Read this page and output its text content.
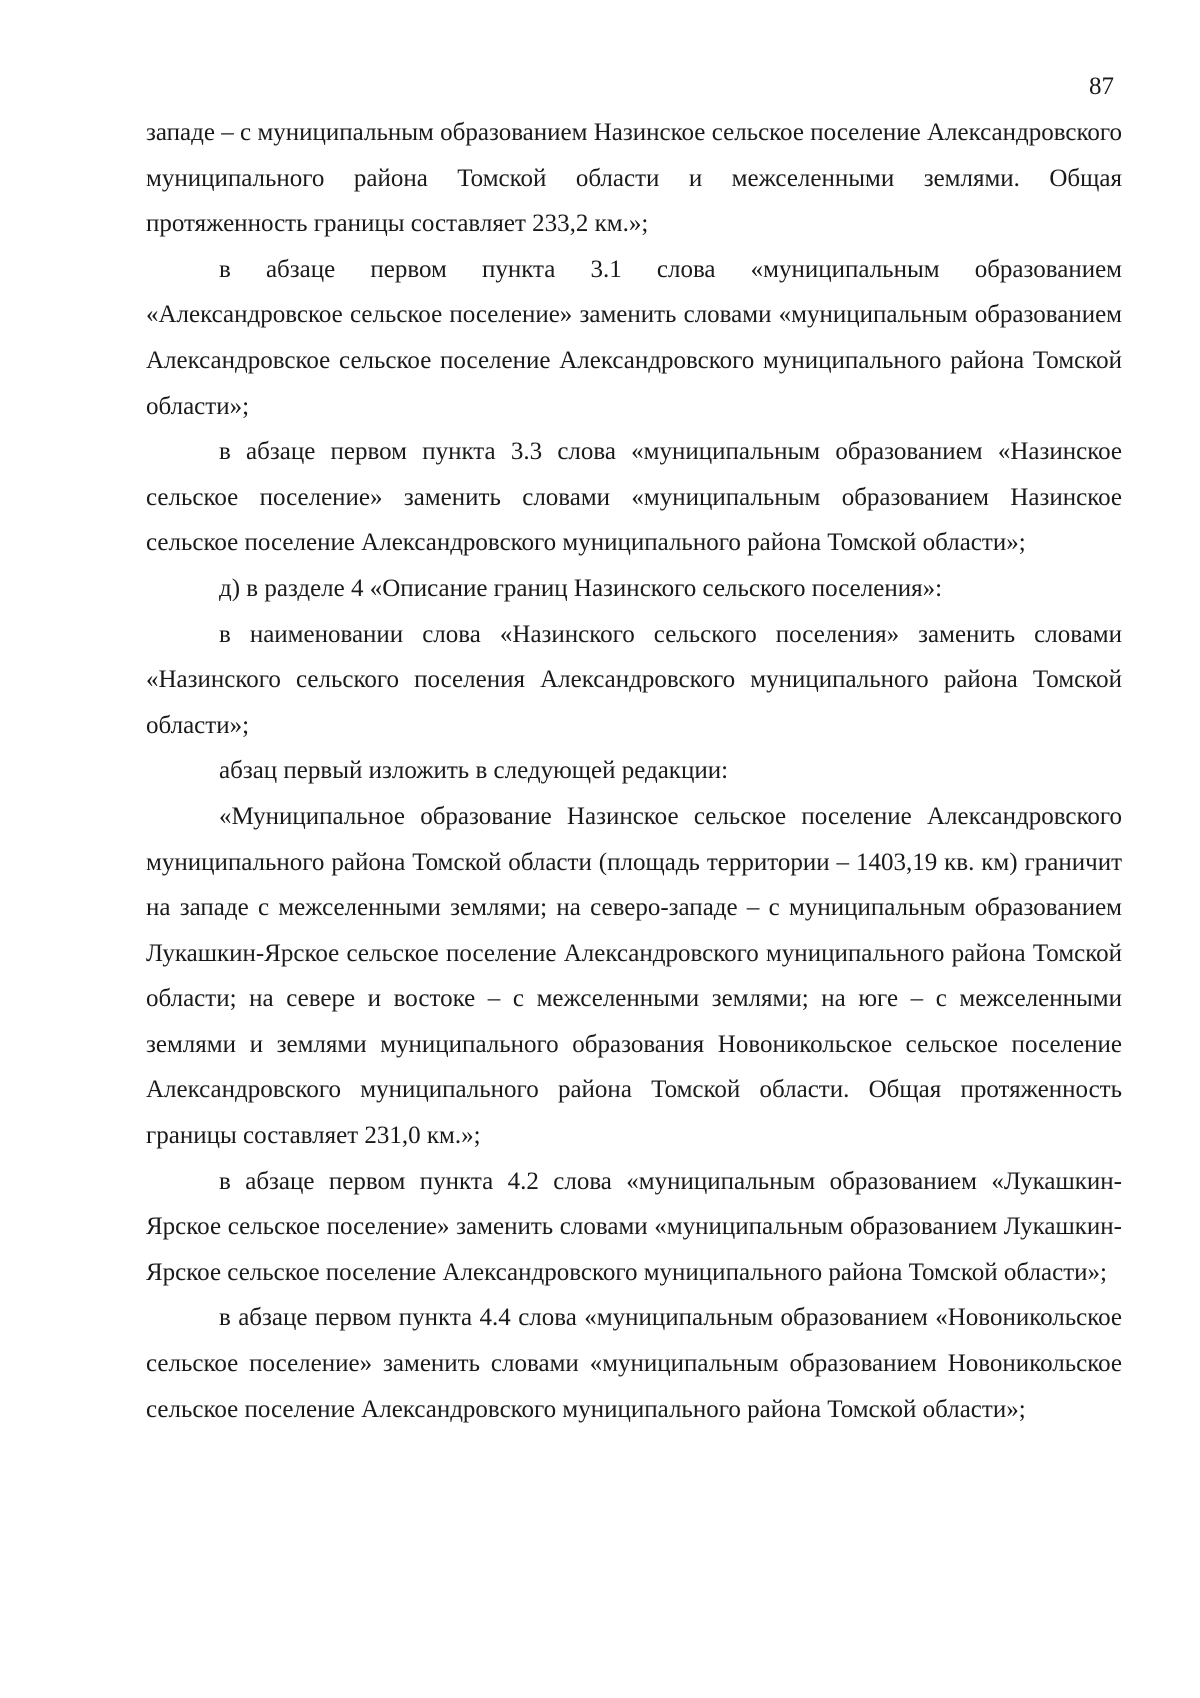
87

западе – с муниципальным образованием Назинское сельское поселение Александровского муниципального района Томской области и межселенными землями. Общая протяженность границы составляет 233,2 км.»;

в абзаце первом пункта 3.1 слова «муниципальным образованием «Александровское сельское поселение» заменить словами «муниципальным образованием Александровское сельское поселение Александровского муниципального района Томской области»;

в абзаце первом пункта 3.3 слова «муниципальным образованием «Назинское сельское поселение» заменить словами «муниципальным образованием Назинское сельское поселение Александровского муниципального района Томской области»;

д) в разделе 4 «Описание границ Назинского сельского поселения»:

в наименовании слова «Назинского сельского поселения» заменить словами «Назинского сельского поселения Александровского муниципального района Томской области»;

абзац первый изложить в следующей редакции:

«Муниципальное образование Назинское сельское поселение Александровского муниципального района Томской области (площадь территории – 1403,19 кв. км) граничит на западе с межселенными землями; на северо-западе – с муниципальным образованием Лукашкин-Ярское сельское поселение Александровского муниципального района Томской области; на севере и востоке – с межселенными землями; на юге – с межселенными землями и землями муниципального образования Новоникольское сельское поселение Александровского муниципального района Томской области. Общая протяженность границы составляет 231,0 км.»;

в абзаце первом пункта 4.2 слова «муниципальным образованием «Лукашкин-Ярское сельское поселение» заменить словами «муниципальным образованием Лукашкин-Ярское сельское поселение Александровского муниципального района Томской области»;

в абзаце первом пункта 4.4 слова «муниципальным образованием «Новоникольское сельское поселение» заменить словами «муниципальным образованием Новоникольское сельское поселение Александровского муниципального района Томской области»;
